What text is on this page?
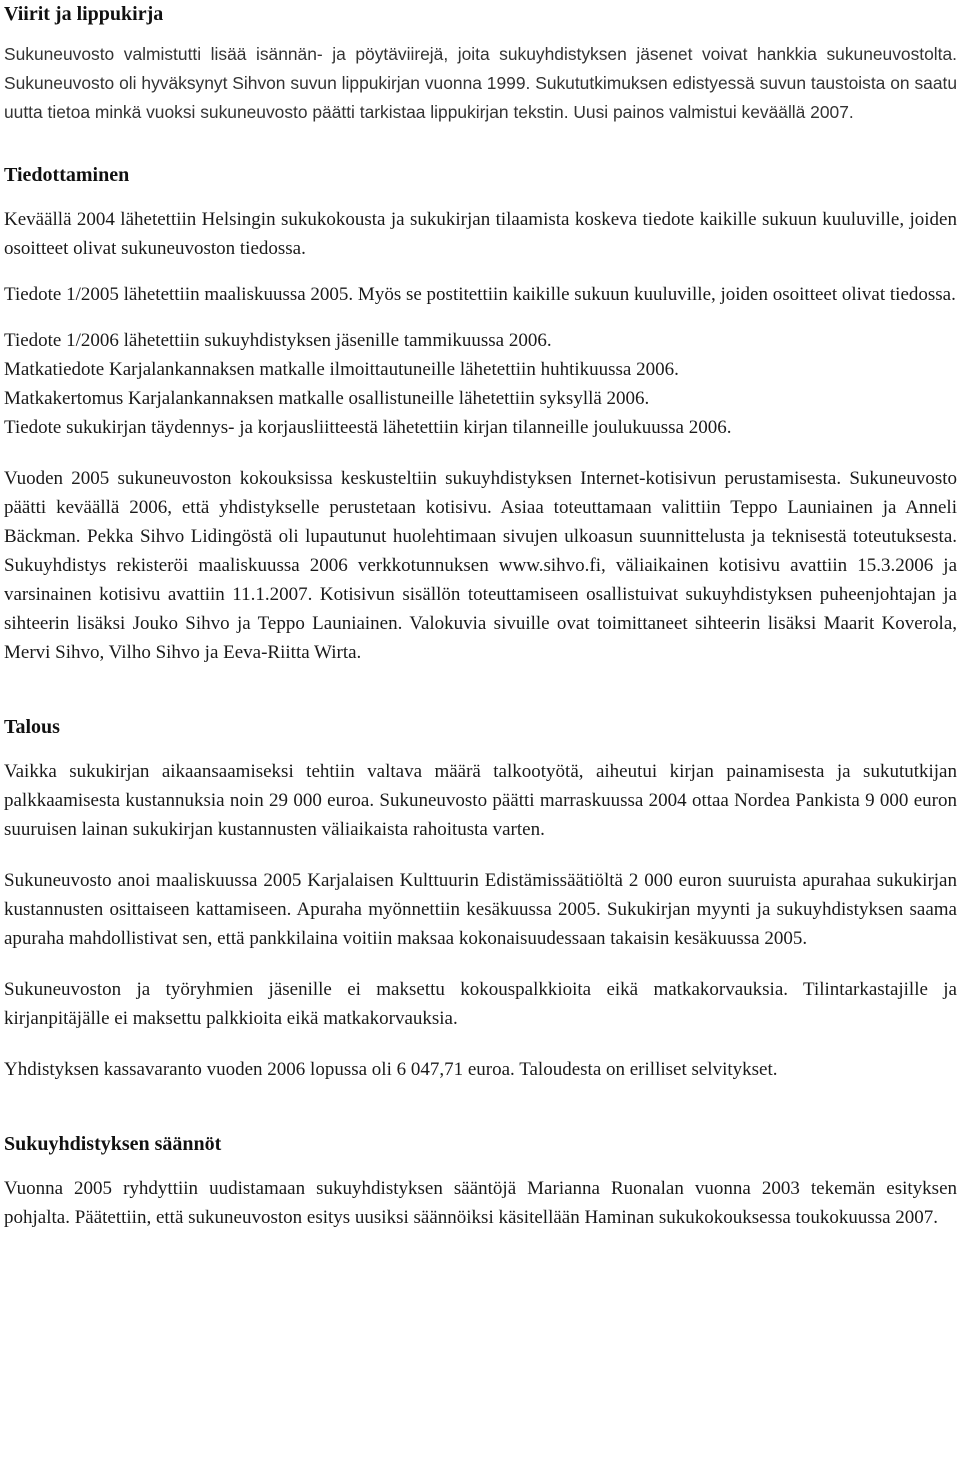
Viirit ja lippukirja

Sukuneuvosto valmistutti lisää isännän- ja pöytäviirejä, joita sukuyhdistyksen jäsenet voivat hankkia sukuneuvostolta. Sukuneuvosto oli hyväksynyt Sihvon suvun lippukirjan vuonna 1999. Sukututkimuksen edistyessä suvun taustoista on saatu uutta tietoa minkä vuoksi sukuneuvosto päätti tarkistaa lippukirjan tekstin. Uusi painos valmistui keväällä 2007.

Tiedottaminen

Keväällä 2004 lähetettiin Helsingin sukukokousta ja sukukirjan tilaamista koskeva tiedote kaikille sukuun kuuluville, joiden osoitteet olivat sukuneuvoston tiedossa.

Tiedote 1/2005 lähetettiin maaliskuussa 2005. Myös se postitettiin kaikille sukuun kuuluville, joiden osoitteet olivat tiedossa.

Tiedote 1/2006 lähetettiin sukuyhdistyksen jäsenille tammikuussa 2006.

Matkatiedote Karjalankannaksen matkalle ilmoittautuneille lähetettiin huhtikuussa 2006.

Matkakertomus Karjalankannaksen matkalle osallistuneille lähetettiin syksyllä 2006.

Tiedote sukukirjan täydennys- ja korjausliitteestä lähetettiin kirjan tilanneille joulukuussa 2006.

Vuoden 2005 sukuneuvoston kokouksissa keskusteltiin sukuyhdistyksen Internet-kotisivun perustamisesta. Sukuneuvosto päätti keväällä 2006, että yhdistykselle perustetaan kotisivu. Asiaa toteuttamaan valittiin Teppo Launiainen ja Anneli Bäckman. Pekka Sihvo Lidingöstä oli lupautunut huolehtimaan sivujen ulkoasun suunnittelusta ja teknisestä toteutuksesta. Sukuyhdistys rekisteröi maaliskuussa 2006 verkkotunnuksen www.sihvo.fi, väliaikainen kotisivu avattiin 15.3.2006 ja varsinainen kotisivu avattiin 11.1.2007. Kotisivun sisällön toteuttamiseen osallistuivat sukuyhdistyksen puheenjohtajan ja sihteerin lisäksi Jouko Sihvo ja Teppo Launiainen. Valokuvia sivuille ovat toimittaneet sihteerin lisäksi Maarit Koverola, Mervi Sihvo, Vilho Sihvo ja Eeva-Riitta Wirta.

Talous

Vaikka sukukirjan aikaansaamiseksi tehtiin valtava määrä talkootyötä, aiheutui kirjan painamisesta ja sukututkijan palkkaamisesta kustannuksia noin 29 000 euroa. Sukuneuvosto päätti marraskuussa 2004 ottaa Nordea Pankista 9 000 euron suuruisen lainan sukukirjan kustannusten väliaikaista rahoitusta varten.

Sukuneuvosto anoi maaliskuussa 2005 Karjalaisen Kulttuurin Edistämissäätiöltä 2 000 euron suuruista apurahaa sukukirjan kustannusten osittaiseen kattamiseen. Apuraha myönnettiin kesäkuussa 2005. Sukukirjan myynti ja sukuyhdistyksen saama apuraha mahdollistivat sen, että pankkilaina voitiin maksaa kokonaisuudessaan takaisin kesäkuussa 2005.

Sukuneuvoston ja työryhmien jäsenille ei maksettu kokouspalkkioita eikä matkakorvauksia. Tilintarkastajille ja kirjanpitäjälle ei maksettu palkkioita eikä matkakorvauksia.

Yhdistyksen kassavaranto vuoden 2006 lopussa oli 6 047,71 euroa. Taloudesta on erilliset selvitykset.

Sukuyhdistyksen säännöt

Vuonna 2005 ryhdyttiin uudistamaan sukuyhdistyksen sääntöjä Marianna Ruonalan vuonna 2003 tekemän esityksen pohjalta. Päätettiin, että sukuneuvoston esitys uusiksi säännöiksi käsitellään Haminan sukukokouksessa toukokuussa 2007.
